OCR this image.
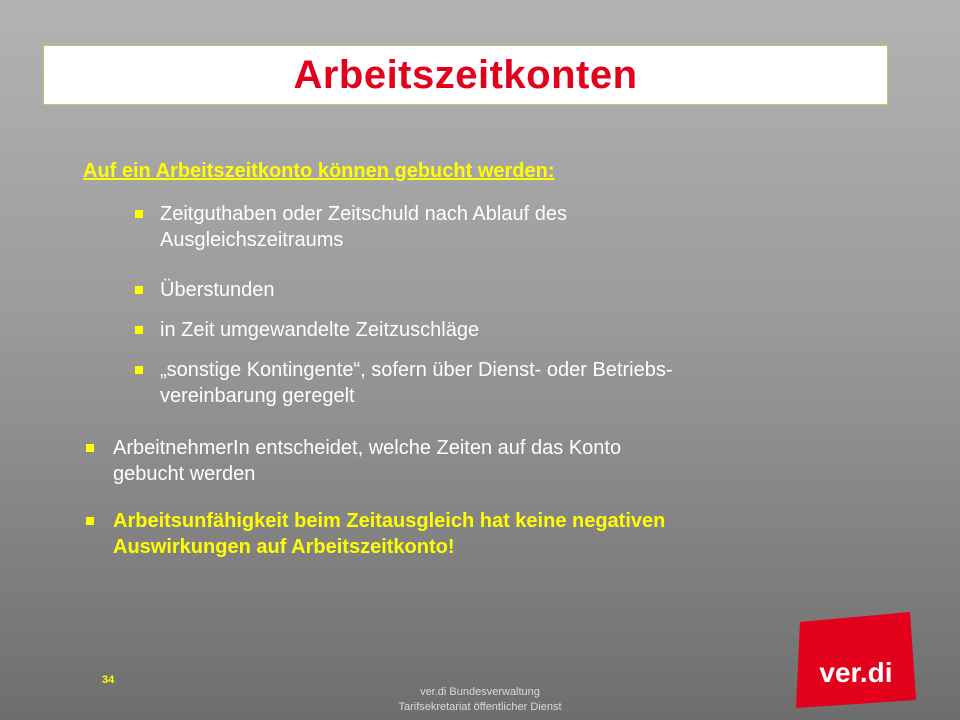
Arbeitszeitkonten
Auf ein Arbeitszeitkonto können gebucht werden:
Zeitguthaben oder Zeitschuld nach Ablauf des
Ausgleichszeitraums
Überstunden
in Zeit umgewandelte Zeitzuschläge
„sonstige Kontingente“, sofern über Dienst- oder Betriebs-
vereinbarung geregelt
ArbeitnehmerIn entscheidet, welche Zeiten auf das Konto
gebucht werden
Arbeitsunfähigkeit beim Zeitausgleich hat keine negativen
Auswirkungen auf Arbeitszeitkonto!
34
ver.di Bundesverwaltung
Tarifsekretariat öffentlicher Dienst
ver.di
